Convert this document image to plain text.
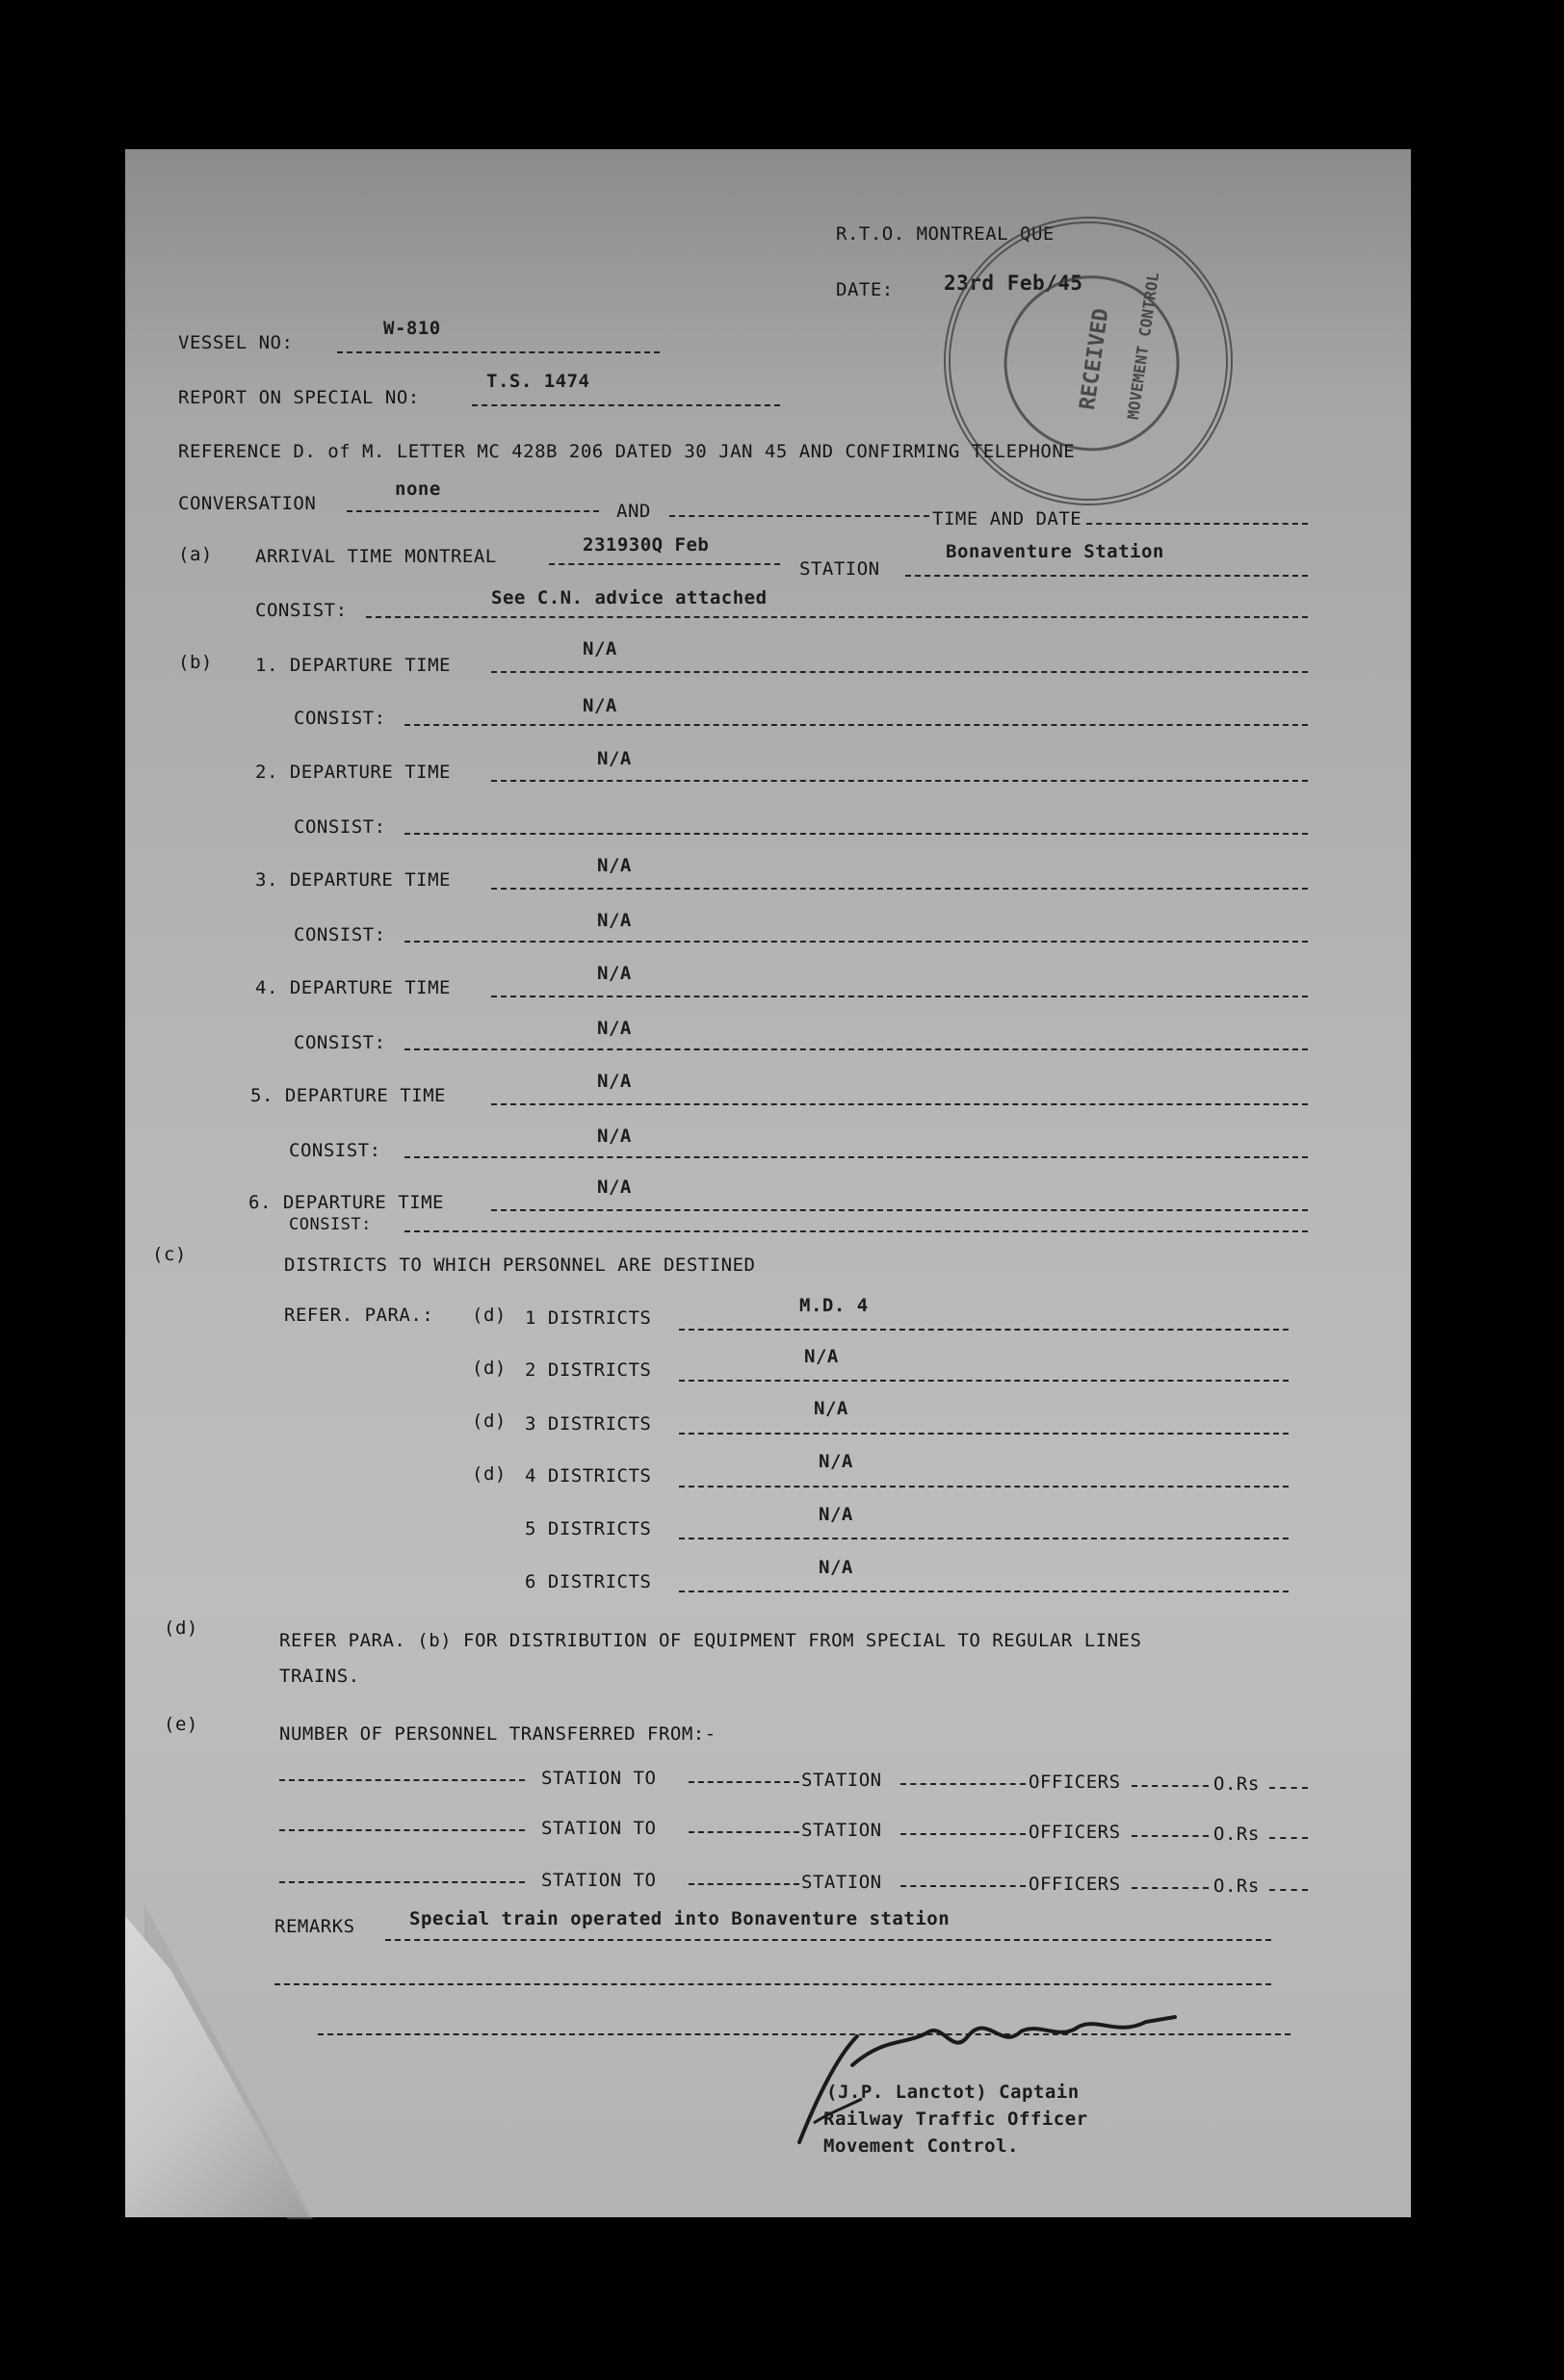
R.T.O. MONTREAL QUE
DATE: 23rd Feb/45
RECEIVED MOVEMENT CONTROL
VESSEL NO:
W-810
REPORT ON SPECIAL NO:
T.S. 1474
REFERENCE D. of M. LETTER MC 428B 206 DATED 30 JAN 45 AND CONFIRMING TELEPHONE
CONVERSATION
none
AND	TIME AND DATE
(a) ARRIVAL TIME MONTREAL
231930Q Feb
STATION
Bonaventure Station
CONSIST:
See C.N. advice attached
(b) 1. DEPARTURE TIME
N/A
CONSIST:
N/A
2. DEPARTURE TIME
N/A
CONSIST:
3. DEPARTURE TIME
N/A
CONSIST:
N/A
4. DEPARTURE TIME
N/A
CONSIST:
N/A
5. DEPARTURE TIME
N/A
CONSIST:
N/A
6. DEPARTURE TIME
N/A
CONSIST:
(c)	DISTRICTS TO WHICH PERSONNEL ARE DESTINED
REFER. PARA.: (d) 1 DISTRICTS
M.D. 4
(d) 2 DISTRICTS
N/A
(d) 3 DISTRICTS
N/A
(d) 4 DISTRICTS
N/A
5 DISTRICTS
N/A
6 DISTRICTS
N/A
(d)
REFER PARA. (b) FOR DISTRIBUTION OF EQUIPMENT FROM SPECIAL TO REGULAR LINES
TRAINS.
(e)	NUMBER OF PERSONNEL TRANSFERRED FROM:-
STATION TO	STATION	OFFICERS	O.Rs
STATION TO	STATION	OFFICERS	O.Rs
STATION TO	STATION	OFFICERS	O.Rs
REMARKS	Special train operated into Bonaventure station
(J.P. Lanctot) Captain
Railway Traffic Officer
Movement Control.
